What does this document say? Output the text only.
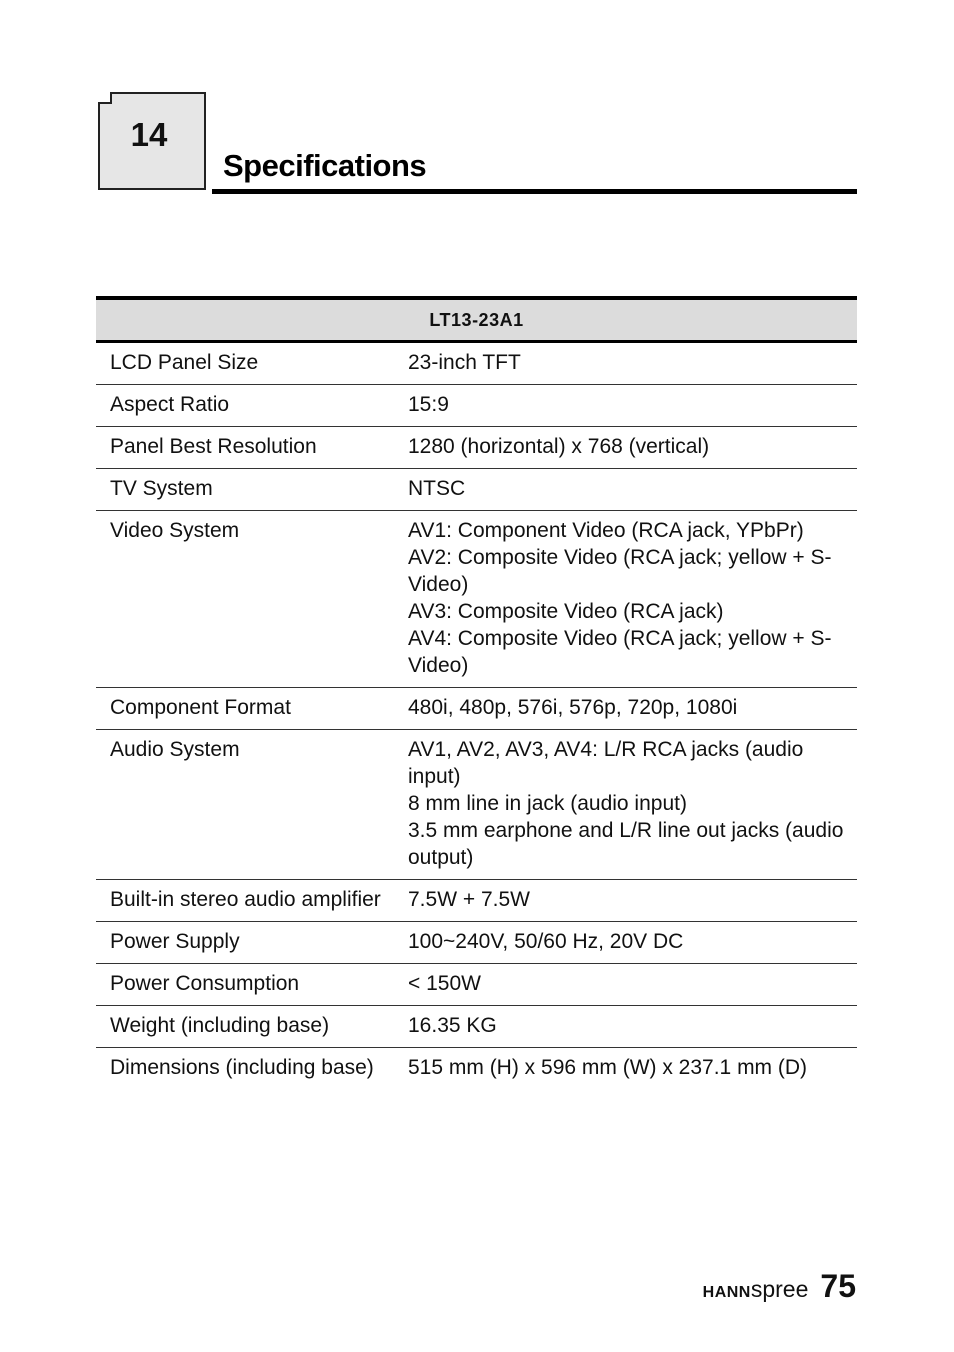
14
Specifications
LT13-23A1	
LCD Panel Size	23-inch TFT

Aspect Ratio	15:9

Panel Best Resolution	1280 (horizontal) x 768 (vertical)

TV System	NTSC

Video System	AV1: Component Video (RCA jack, YPbPr)
AV2: Composite Video (RCA jack; yellow + S-Video)
AV3: Composite Video (RCA jack)
AV4: Composite Video (RCA jack; yellow + S-Video)

Component Format	480i, 480p, 576i, 576p, 720p, 1080i

Audio System	AV1, AV2, AV3, AV4: L/R RCA jacks (audio input)
8 mm line in jack (audio input)
3.5 mm earphone and L/R line out jacks (audio output)

Built-in stereo audio amplifier	7.5W + 7.5W

Power Supply	100~240V, 50/60 Hz, 20V DC

Power Consumption	< 150W

Weight (including base)	16.35 KG

Dimensions (including base)	515 mm (H) x 596 mm (W) x 237.1 mm (D)
HANNspree 75
